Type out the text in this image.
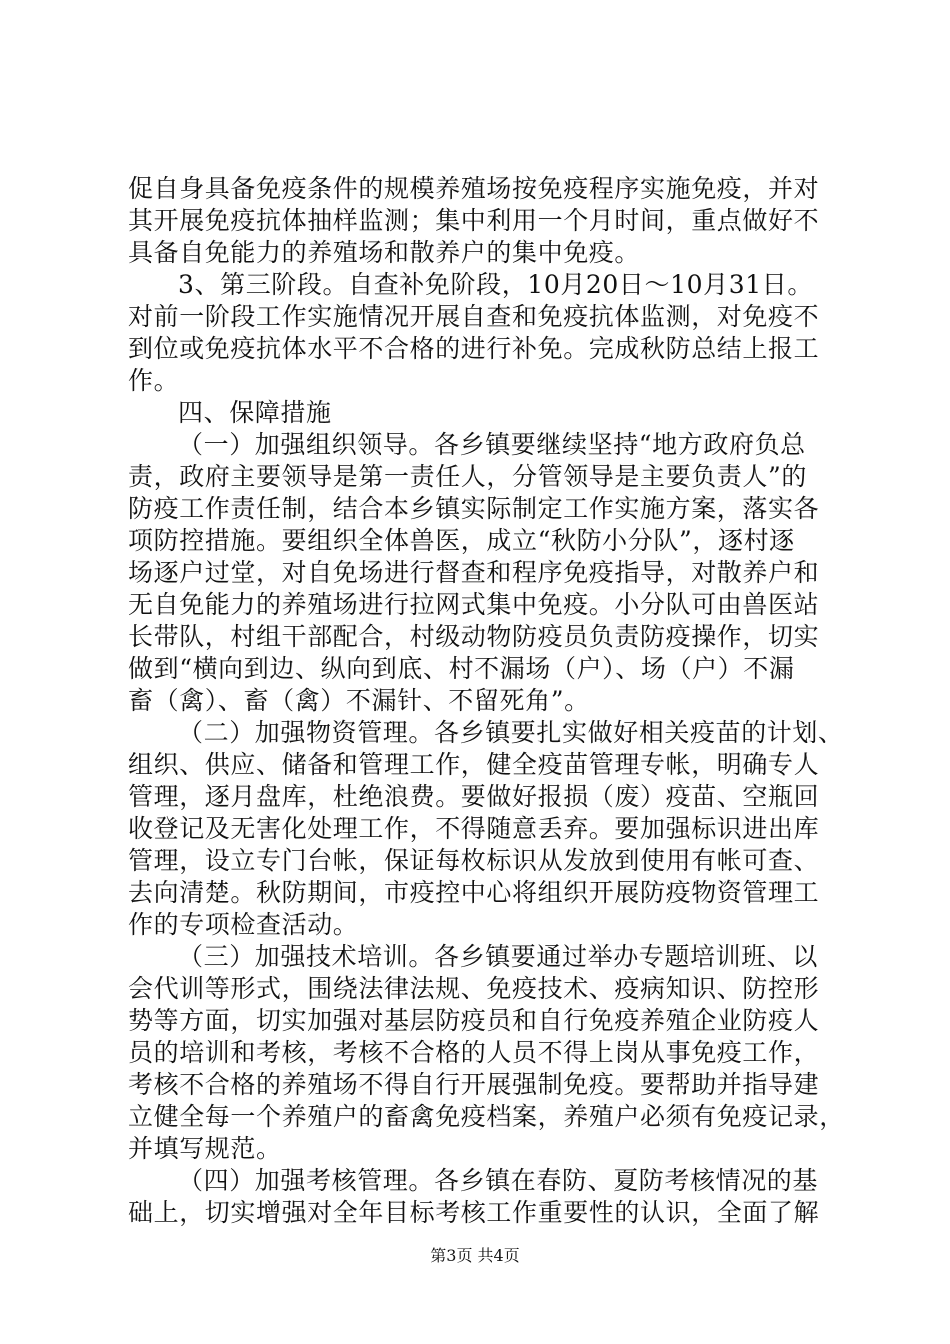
促自身具备免疫条件的规模养殖场按免疫程序实施免疫，并对
其开展免疫抗体抽样监测；集中利用一个月时间，重点做好不
具备自免能力的养殖场和散养户的集中免疫。
3、第三阶段。自查补免阶段，10月20日～10月31日。
对前一阶段工作实施情况开展自查和免疫抗体监测，对免疫不
到位或免疫抗体水平不合格的进行补免。完成秋防总结上报工
作。
四、保障措施
（一）加强组织领导。各乡镇要继续坚持“地方政府负总
责，政府主要领导是第一责任人，分管领导是主要负责人”的
防疫工作责任制，结合本乡镇实际制定工作实施方案，落实各
项防控措施。要组织全体兽医，成立“秋防小分队”，逐村逐
场逐户过堂，对自免场进行督查和程序免疫指导，对散养户和
无自免能力的养殖场进行拉网式集中免疫。小分队可由兽医站
长带队，村组干部配合，村级动物防疫员负责防疫操作，切实
做到“横向到边、纵向到底、村不漏场（户）、场（户）不漏
畜（禽）、畜（禽）不漏针、不留死角”。
（二）加强物资管理。各乡镇要扎实做好相关疫苗的计划、
组织、供应、储备和管理工作，健全疫苗管理专帐，明确专人
管理，逐月盘库，杜绝浪费。要做好报损（废）疫苗、空瓶回
收登记及无害化处理工作，不得随意丢弃。要加强标识进出库
管理，设立专门台帐，保证每枚标识从发放到使用有帐可查、
去向清楚。秋防期间，市疫控中心将组织开展防疫物资管理工
作的专项检查活动。
（三）加强技术培训。各乡镇要通过举办专题培训班、以
会代训等形式，围绕法律法规、免疫技术、疫病知识、防控形
势等方面，切实加强对基层防疫员和自行免疫养殖企业防疫人
员的培训和考核，考核不合格的人员不得上岗从事免疫工作，
考核不合格的养殖场不得自行开展强制免疫。要帮助并指导建
立健全每一个养殖户的畜禽免疫档案，养殖户必须有免疫记录，
并填写规范。
（四）加强考核管理。各乡镇在春防、夏防考核情况的基
础上，切实增强对全年目标考核工作重要性的认识，全面了解
第3页 共4页
